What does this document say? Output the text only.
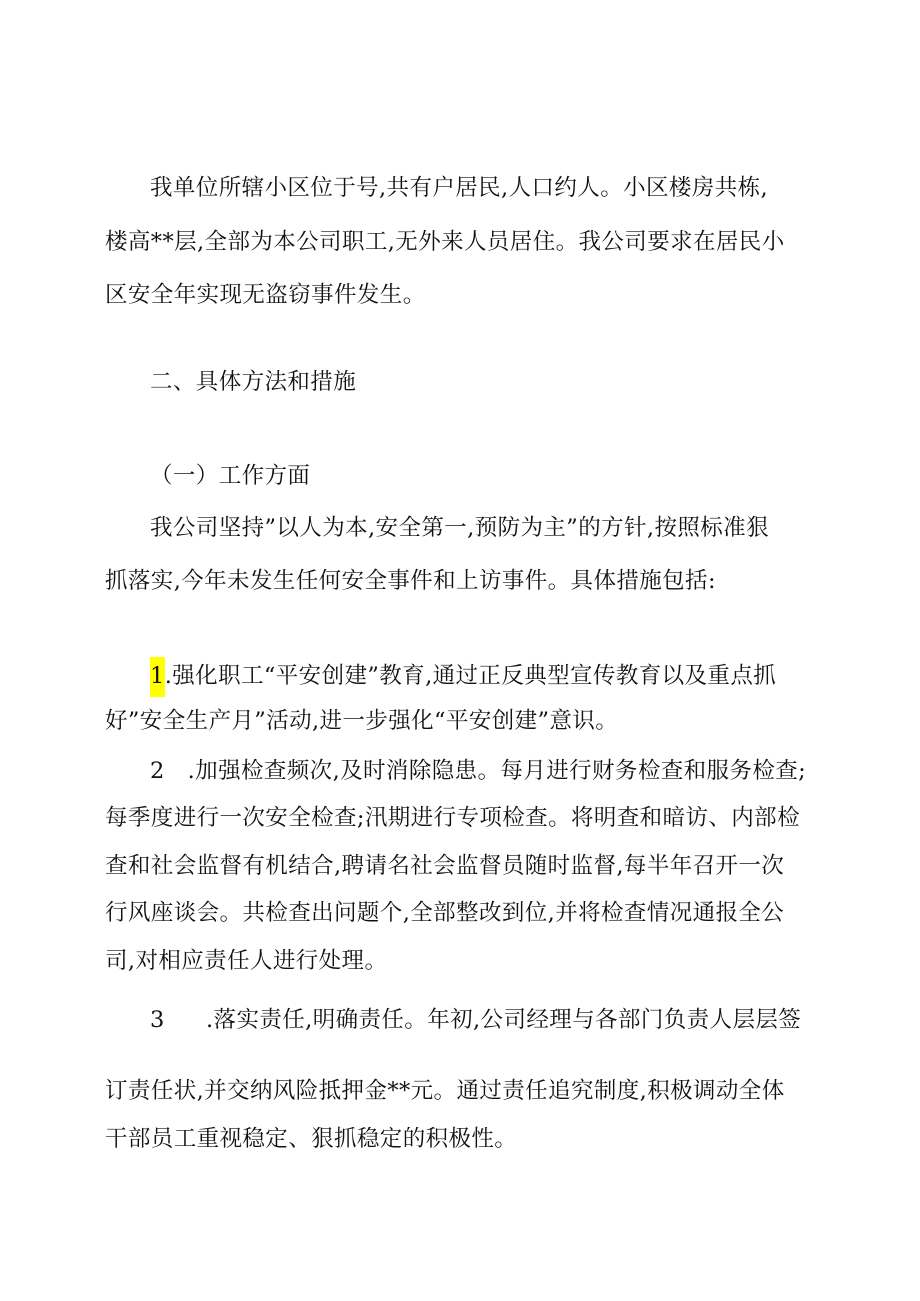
我单位所辖小区位于号,共有户居民,人口约人。小区楼房共栋,
楼高**层,全部为本公司职工,无外来人员居住。我公司要求在居民小
区安全年实现无盗窃事件发生。
二、具体方法和措施
（一）工作方面
我公司坚持”以人为本,安全第一,预防为主”的方针,按照标准狠
抓落实,今年未发生任何安全事件和上访事件。具体措施包括:
1.强化职工“平安创建”教育,通过正反典型宣传教育以及重点抓
好”安全生产月”活动,进一步强化“平安创建”意识。
2 .加强检查频次,及时消除隐患。每月进行财务检查和服务检查;
每季度进行一次安全检查;汛期进行专项检查。将明查和暗访、内部检
查和社会监督有机结合,聘请名社会监督员随时监督,每半年召开一次
行风座谈会。共检查出问题个,全部整改到位,并将检查情况通报全公
司,对相应责任人进行处理。
3 .落实责任,明确责任。年初,公司经理与各部门负责人层层签
订责任状,并交纳风险抵押金**元。通过责任追究制度,积极调动全体
干部员工重视稳定、狠抓稳定的积极性。
